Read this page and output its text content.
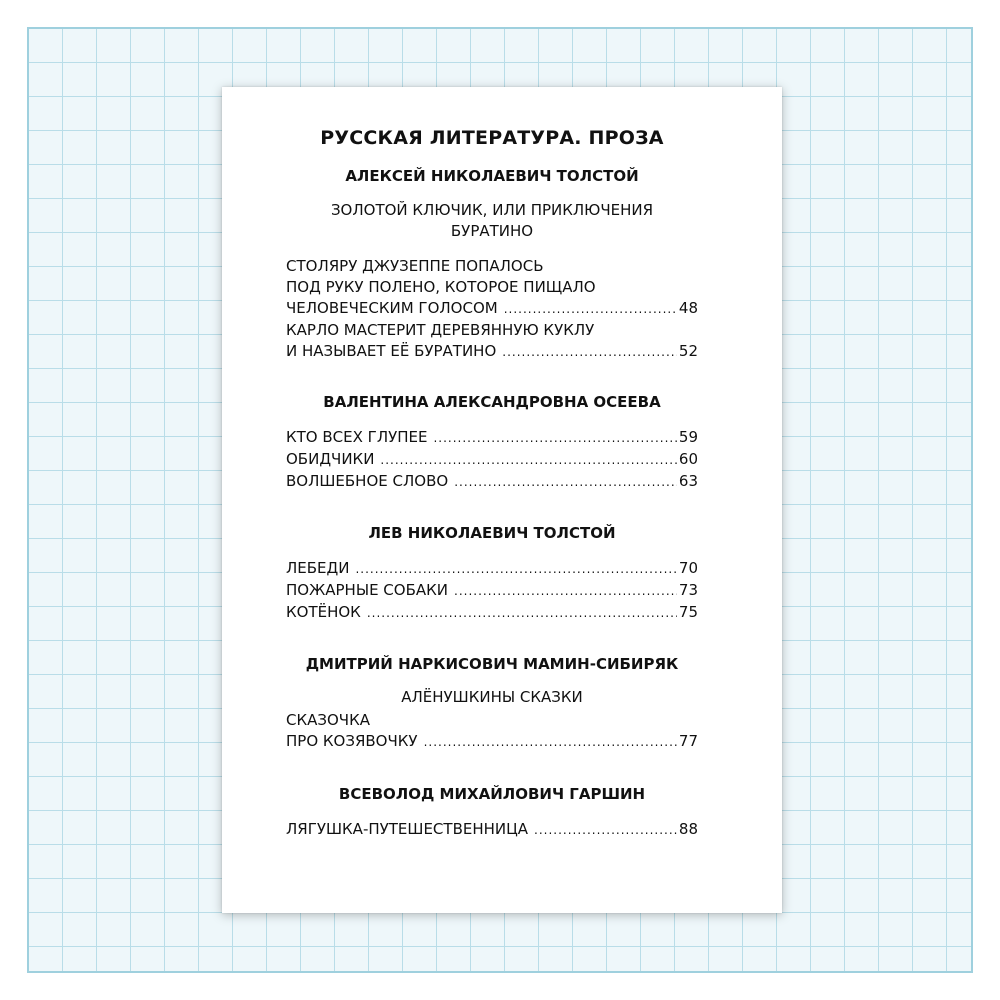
РУССКАЯ ЛИТЕРАТУРА. ПРОЗА
АЛЕКСЕЙ НИКОЛАЕВИЧ ТОЛСТОЙ
ЗОЛОТОЙ КЛЮЧИК, ИЛИ ПРИКЛЮЧЕНИЯ
БУРАТИНО
СТОЛЯРУ ДЖУЗЕППЕ ПОПАЛОСЬ
ПОД РУКУ ПОЛЕНО, КОТОРОЕ ПИЩАЛО
ЧЕЛОВЕЧЕСКИМ ГОЛОСОМ .....	48
КАРЛО МАСТЕРИТ ДЕРЕВЯННУЮ КУКЛУ
И НАЗЫВАЕТ ЕЁ БУРАТИНО .....	52
ВАЛЕНТИНА АЛЕКСАНДРОВНА ОСЕЕВА
КТО ВСЕХ ГЛУПЕЕ .....	59
ОБИДЧИКИ .....	60
ВОЛШЕБНОЕ СЛОВО .....	63
ЛЕВ НИКОЛАЕВИЧ ТОЛСТОЙ
ЛЕБЕДИ .....	70
ПОЖАРНЫЕ СОБАКИ .....	73
КОТЁНОК .....	75
ДМИТРИЙ НАРКИСОВИЧ МАМИН-СИБИРЯК
АЛЁНУШКИНЫ СКАЗКИ
СКАЗОЧКА
ПРО КОЗЯВОЧКУ .....	77
ВСЕВОЛОД МИХАЙЛОВИЧ ГАРШИН
ЛЯГУШКА-ПУТЕШЕСТВЕННИЦА .....	88
